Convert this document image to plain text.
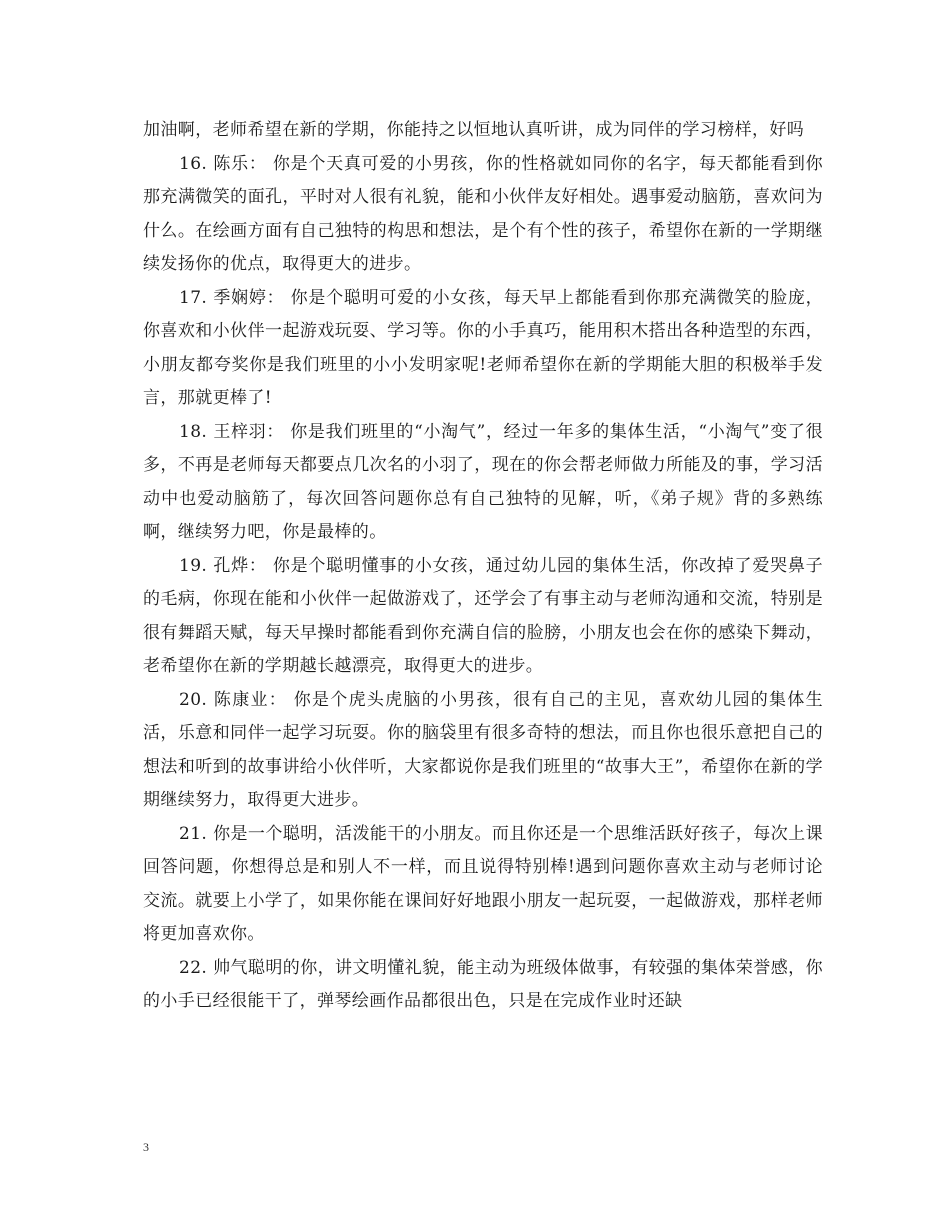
加油啊，老师希望在新的学期，你能持之以恒地认真听讲，成为同伴的学习榜样，好吗

16. 陈乐： 你是个天真可爱的小男孩，你的性格就如同你的名字，每天都能看到你那充满微笑的面孔，平时对人很有礼貌，能和小伙伴友好相处。遇事爱动脑筋，喜欢问为什么。在绘画方面有自己独特的构思和想法，是个有个性的孩子，希望你在新的一学期继续发扬你的优点，取得更大的进步。

17. 季娴婷： 你是个聪明可爱的小女孩，每天早上都能看到你那充满微笑的脸庞，你喜欢和小伙伴一起游戏玩耍、学习等。你的小手真巧，能用积木搭出各种造型的东西，小朋友都夸奖你是我们班里的小小发明家呢!老师希望你在新的学期能大胆的积极举手发言，那就更棒了!

18. 王梓羽： 你是我们班里的“小淘气”，经过一年多的集体生活，“小淘气”变了很多，不再是老师每天都要点几次名的小羽了，现在的你会帮老师做力所能及的事，学习活动中也爱动脑筋了，每次回答问题你总有自己独特的见解，听，《弟子规》背的多熟练啊，继续努力吧，你是最棒的。

19. 孔烨： 你是个聪明懂事的小女孩，通过幼儿园的集体生活，你改掉了爱哭鼻子的毛病，你现在能和小伙伴一起做游戏了，还学会了有事主动与老师沟通和交流，特别是很有舞蹈天赋，每天早操时都能看到你充满自信的脸膀，小朋友也会在你的感染下舞动，老希望你在新的学期越长越漂亮，取得更大的进步。

20. 陈康业： 你是个虎头虎脑的小男孩，很有自己的主见，喜欢幼儿园的集体生活，乐意和同伴一起学习玩耍。你的脑袋里有很多奇特的想法，而且你也很乐意把自己的想法和听到的故事讲给小伙伴听，大家都说你是我们班里的“故事大王”，希望你在新的学期继续努力，取得更大进步。

21. 你是一个聪明，活泼能干的小朋友。而且你还是一个思维活跃好孩子，每次上课回答问题，你想得总是和别人不一样，而且说得特别棒!遇到问题你喜欢主动与老师讨论交流。就要上小学了，如果你能在课间好好地跟小朋友一起玩耍，一起做游戏，那样老师将更加喜欢你。

22. 帅气聪明的你，讲文明懂礼貌，能主动为班级体做事，有较强的集体荣誉感，你的小手已经很能干了，弹琴绘画作品都很出色，只是在完成作业时还缺

3
